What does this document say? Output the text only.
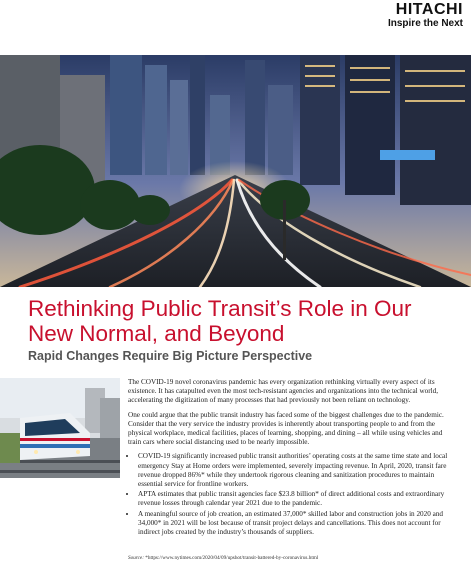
HITACHI
Inspire the Next
Rethinking Public Transit’s Role in Our New Normal, and Beyond
Rapid Changes Require Big Picture Perspective

The COVID-19 novel coronavirus pandemic has every organization rethinking virtually every aspect of its existence. It has catapulted even the most tech-resistant agencies and organizations into the technical world, accelerating the digitization of many processes that had previously not been reliant on technology.

One could argue that the public transit industry has faced some of the biggest challenges due to the pandemic. Consider that the very service the industry provides is inherently about transporting people to and from the physical workplace, medical facilities, places of learning, shopping, and dining – all while using vehicles and train cars where social distancing used to be nearly impossible.

• COVID-19 significantly increased public transit authorities’ operating costs at the same time state and local emergency Stay at Home orders were implemented, severely impacting revenue. In April, 2020, transit fare revenue dropped 86%* while they undertook rigorous cleaning and sanitization procedures to maintain essential service for frontline workers.
• APTA estimates that public transit agencies face $23.8 billion* of direct additional costs and extraordinary revenue losses through calendar year 2021 due to the pandemic.
• A meaningful source of job creation, an estimated 37,000* skilled labor and construction jobs in 2020 and 34,000* in 2021 will be lost because of transit project delays and cancellations. This does not account for indirect jobs created by the industry’s thousands of suppliers.
Source: *https://www.nytimes.com/2020/04/09/upshot/transit-battered-by-coronavirus.html
